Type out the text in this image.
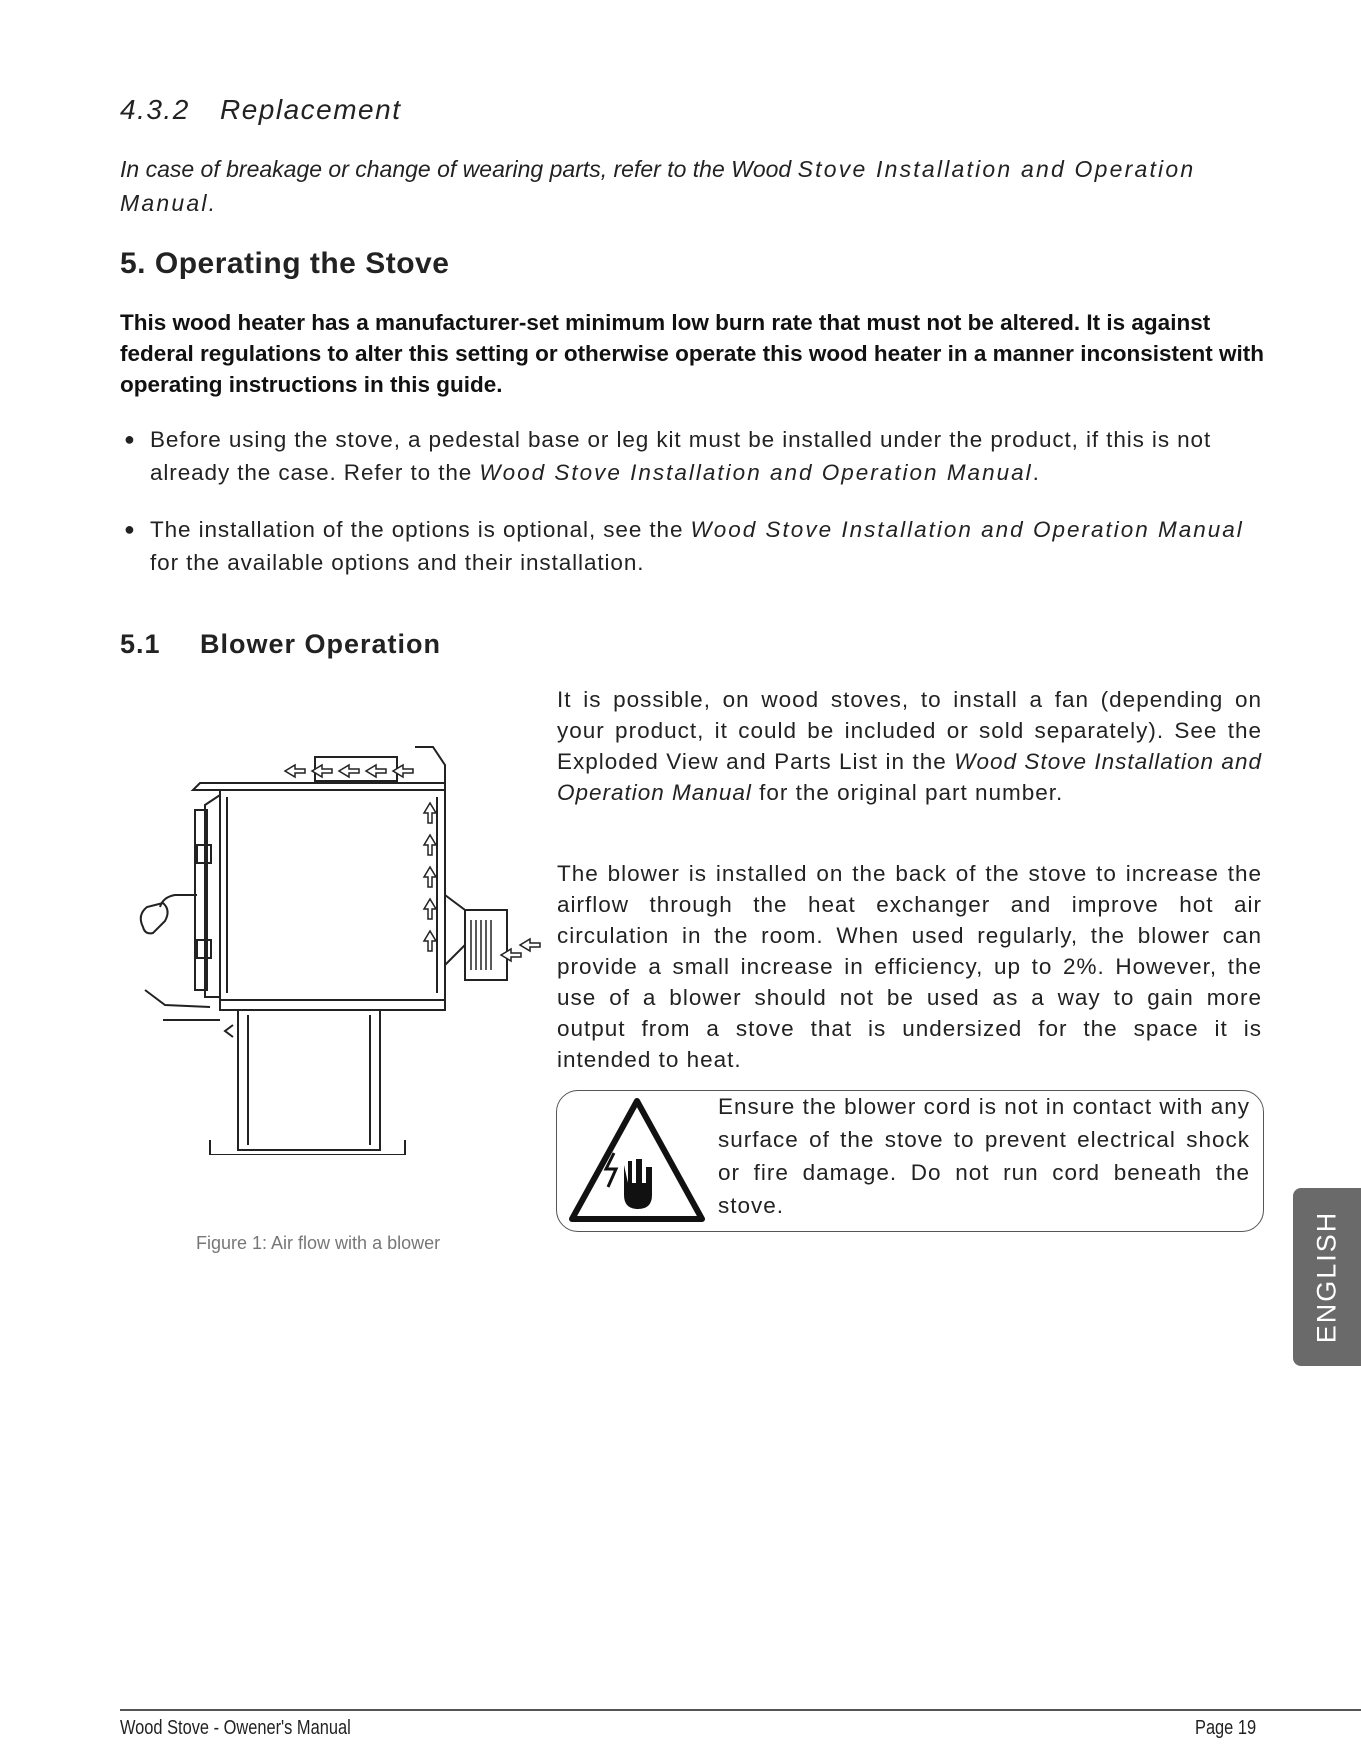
4.3.2 Replacement
In case of breakage or change of wearing parts, refer to the Wood Stove Installation and Operation Manual.
5. Operating the Stove
This wood heater has a manufacturer-set minimum low burn rate that must not be altered. It is against federal regulations to alter this setting or otherwise operate this wood heater in a manner inconsistent with operating instructions in this guide.
● Before using the stove, a pedestal base or leg kit must be installed under the product, if this is not already the case. Refer to the Wood Stove Installation and Operation Manual.
● The installation of the options is optional, see the Wood Stove Installation and Operation Manual for the available options and their installation.
5.1 Blower Operation
It is possible, on wood stoves, to install a fan (depending on your product, it could be included or sold separately). See the Exploded View and Parts List in the Wood Stove Installation and Operation Manual for the original part number.
The blower is installed on the back of the stove to increase the airflow through the heat exchanger and improve hot air circulation in the room. When used regularly, the blower can provide a small increase in efficiency, up to 2%. However, the use of a blower should not be used as a way to gain more output from a stove that is undersized for the space it is intended to heat.
Figure 1: Air flow with a blower
Ensure the blower cord is not in contact with any surface of the stove to prevent electrical shock or fire damage. Do not run cord beneath the stove.
ENGLISH
Wood Stove - Owener's Manual	Page 19
